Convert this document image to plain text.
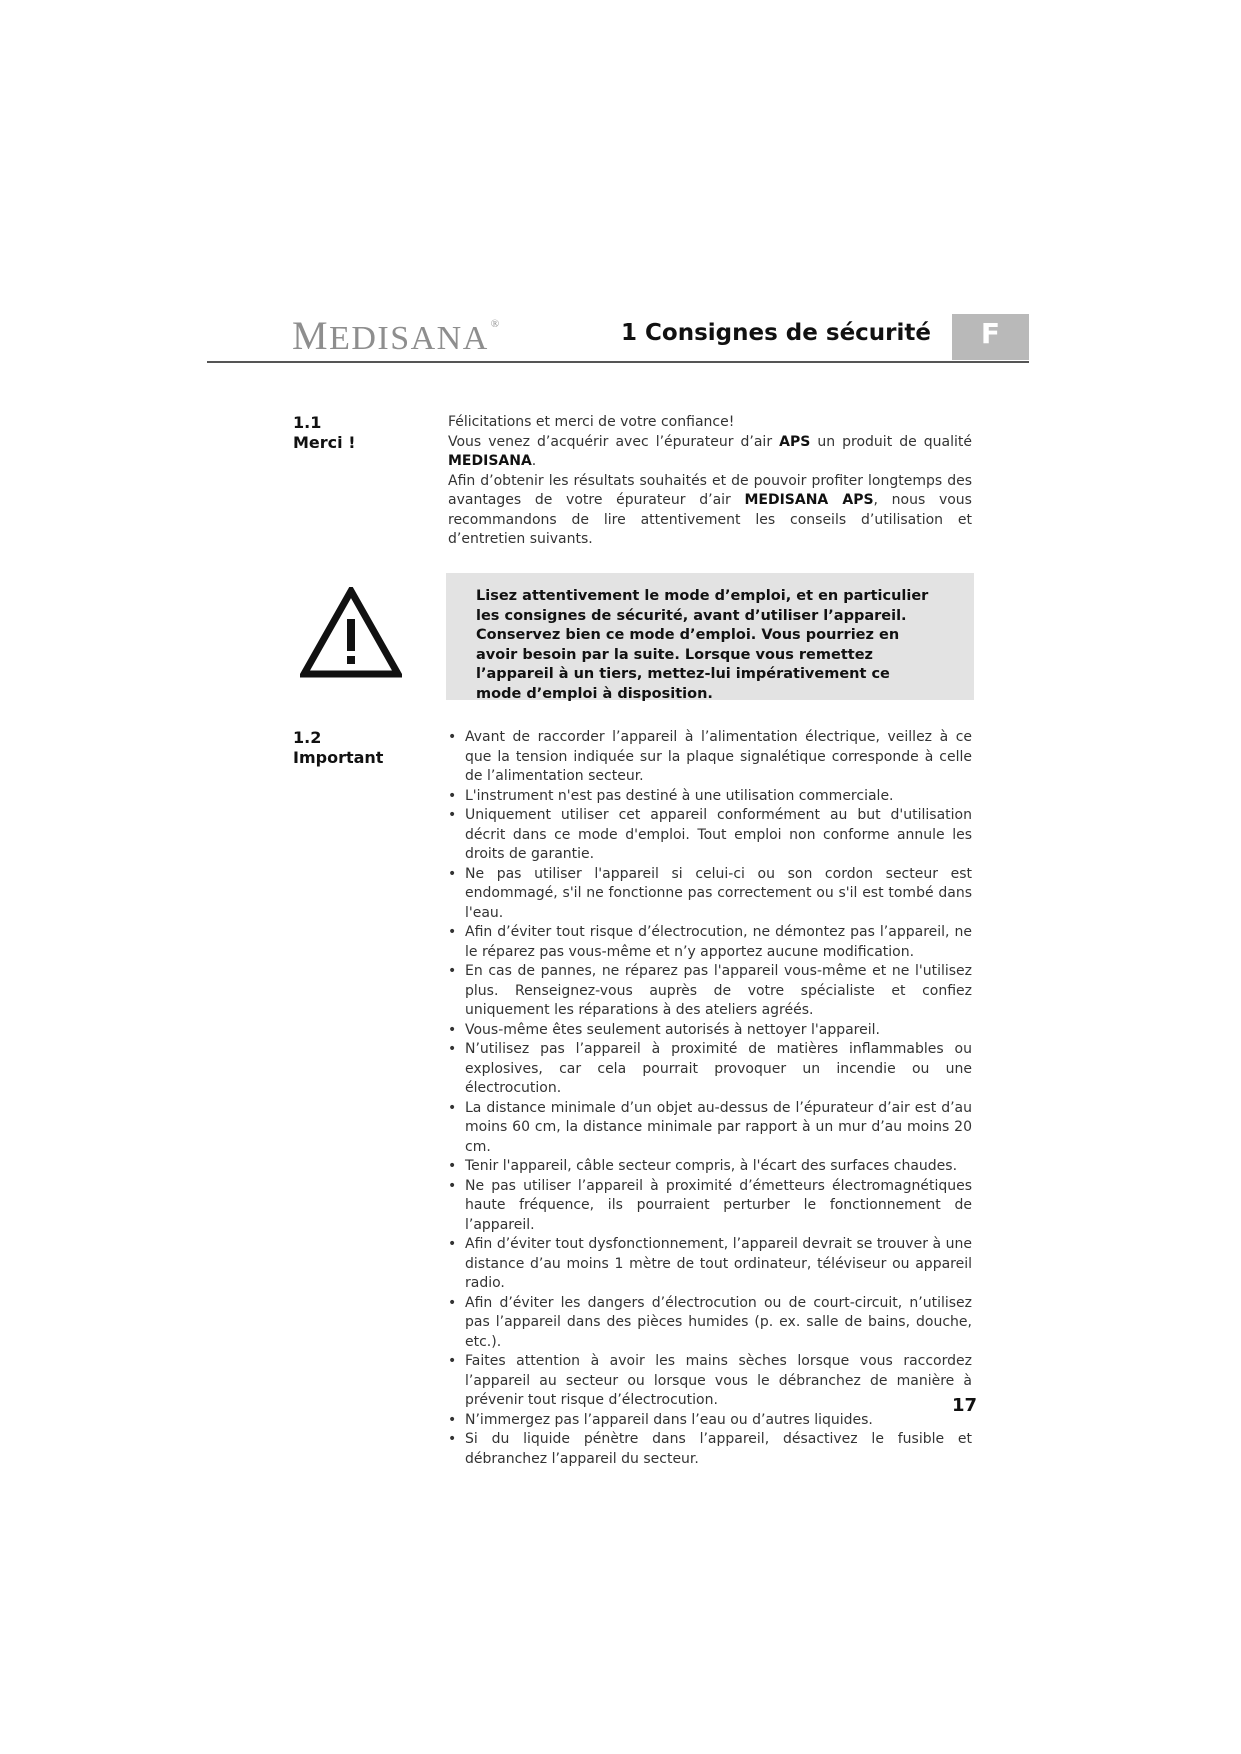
MEDISANA ®	1 Consignes de sécurité	F
1.1
Merci !

Félicitations et merci de votre confiance!

Vous venez d’acquérir avec l’épurateur d’air APS un produit de qualité MEDISANA.

Afin d’obtenir les résultats souhaités et de pouvoir profiter longtemps des avantages de votre épurateur d’air MEDISANA APS, nous vous recommandons de lire attentivement les conseils d’utilisation et d’entretien suivants.

Lisez attentivement le mode d’emploi, et en particulier les consignes de sécurité, avant d’utiliser l’appareil. Conservez bien ce mode d’emploi. Vous pourriez en avoir besoin par la suite. Lorsque vous remettez l’appareil à un tiers, mettez-lui impérativement ce mode d’emploi à disposition.
1.2
Important
• Avant de raccorder l’appareil à l’alimentation électrique, veillez à ce que la tension indiquée sur la plaque signalétique corresponde à celle de l’alimentation secteur.
• L'instrument n'est pas destiné à une utilisation commerciale.
• Uniquement utiliser cet appareil conformément au but d'utilisation décrit dans ce mode d'emploi. Tout emploi non conforme annule les droits de garantie.
• Ne pas utiliser l'appareil si celui-ci ou son cordon secteur est endommagé, s'il ne fonctionne pas correctement ou s'il est tombé dans l'eau.
• Afin d’éviter tout risque d’électrocution, ne démontez pas l’appareil, ne le réparez pas vous-même et n’y apportez aucune modification.
• En cas de pannes, ne réparez pas l'appareil vous-même et ne l'utilisez plus. Renseignez-vous auprès de votre spécialiste et confiez uniquement les réparations à des ateliers agréés.
• Vous-même êtes seulement autorisés à nettoyer l'appareil.
• N’utilisez pas l’appareil à proximité de matières inflammables ou explosives, car cela pourrait provoquer un incendie ou une électrocution.
• La distance minimale d’un objet au-dessus de l’épurateur d’air est d’au moins 60 cm, la distance minimale par rapport à un mur d’au moins 20 cm.
• Tenir l'appareil, câble secteur compris, à l'écart des surfaces chaudes.
• Ne pas utiliser l’appareil à proximité d’émetteurs électromagnétiques haute fréquence, ils pourraient perturber le fonctionnement de l’appareil.
• Afin d’éviter tout dysfonctionnement, l’appareil devrait se trouver à une distance d’au moins 1 mètre de tout ordinateur, téléviseur ou appareil radio.
• Afin d’éviter les dangers d’électrocution ou de court-circuit, n’utilisez pas l’appareil dans des pièces humides (p. ex. salle de bains, douche, etc.).
• Faites attention à avoir les mains sèches lorsque vous raccordez l’appareil au secteur ou lorsque vous le débranchez de manière à prévenir tout risque d’électrocution.
• N’immergez pas l’appareil dans l’eau ou d’autres liquides.
• Si du liquide pénètre dans l’appareil, désactivez le fusible et débranchez l’appareil du secteur.
17
